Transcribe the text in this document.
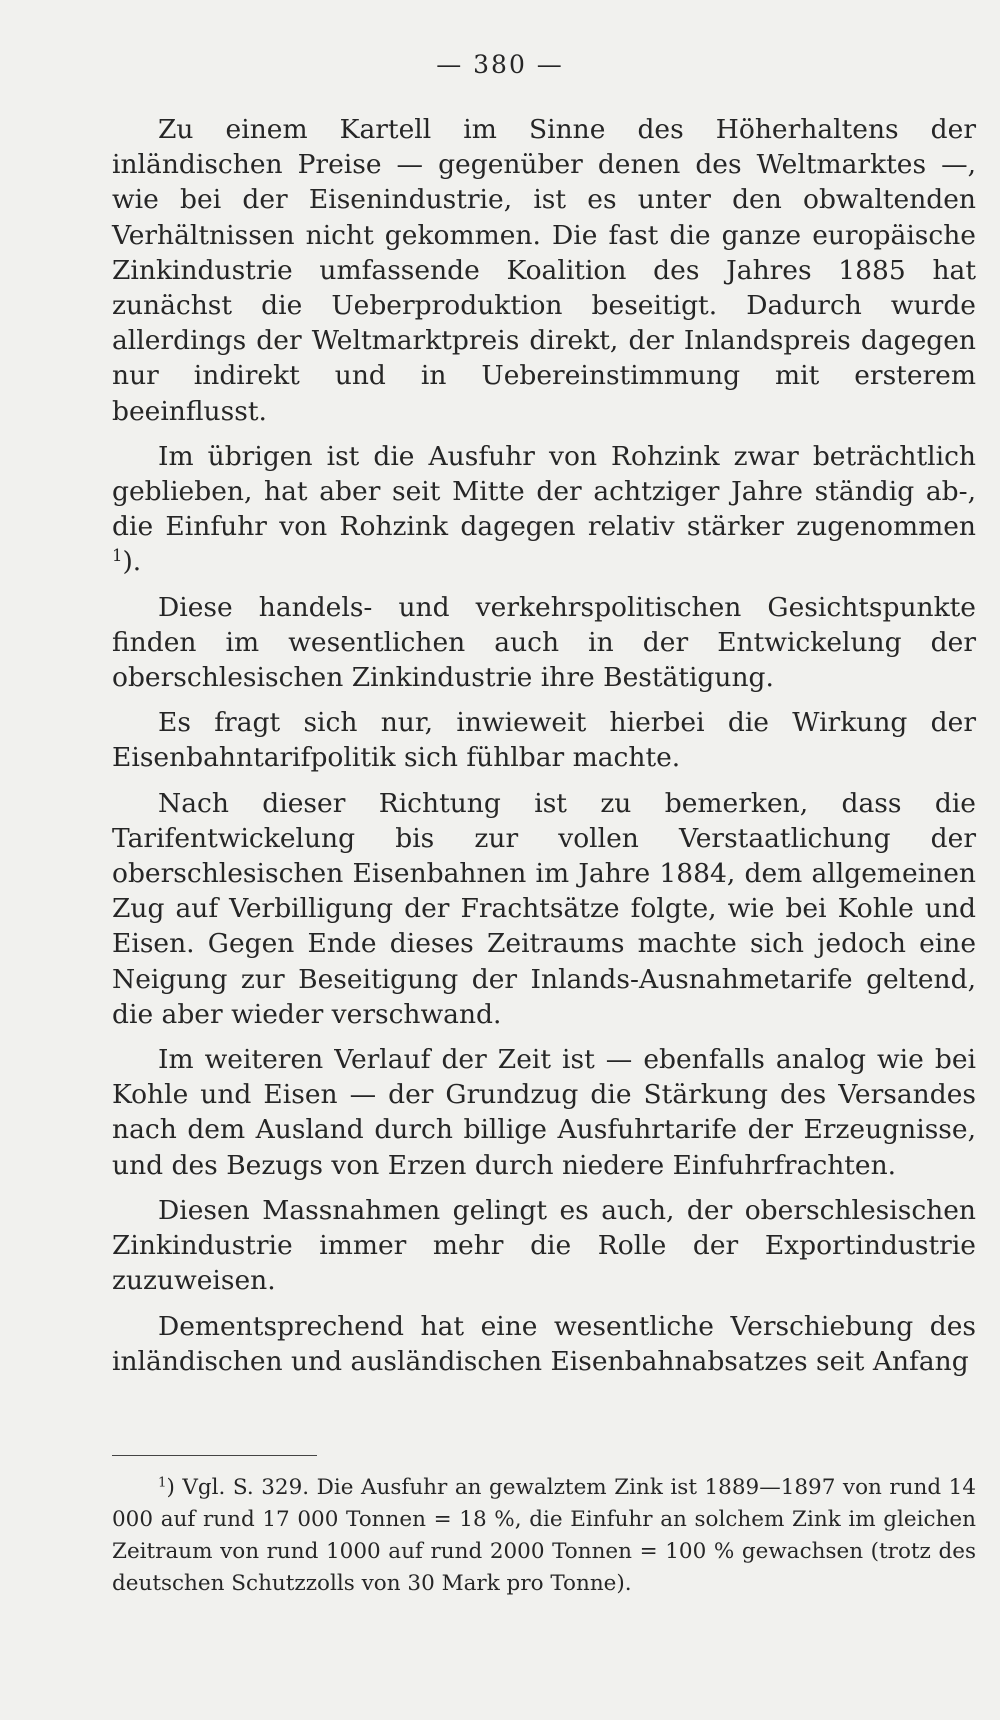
— 380 —

Zu einem Kartell im Sinne des Höherhaltens der inländischen Preise — gegenüber denen des Weltmarktes —, wie bei der Eisenindustrie, ist es unter den obwaltenden Verhältnissen nicht gekommen. Die fast die ganze europäische Zinkindustrie umfassende Koalition des Jahres 1885 hat zunächst die Ueberproduktion beseitigt. Dadurch wurde allerdings der Weltmarktpreis direkt, der Inlandspreis dagegen nur indirekt und in Uebereinstimmung mit ersterem beeinflusst.

Im übrigen ist die Ausfuhr von Rohzink zwar beträchtlich geblieben, hat aber seit Mitte der achtziger Jahre ständig ab-, die Einfuhr von Rohzink dagegen relativ stärker zugenommen $^1$).

Diese handels- und verkehrspolitischen Gesichtspunkte finden im wesentlichen auch in der Entwickelung der oberschlesischen Zinkindustrie ihre Bestätigung.

Es fragt sich nur, inwieweit hierbei die Wirkung der Eisenbahntarifpolitik sich fühlbar machte.

Nach dieser Richtung ist zu bemerken, dass die Tarifentwickelung bis zur vollen Verstaatlichung der oberschlesischen Eisenbahnen im Jahre 1884, dem allgemeinen Zug auf Verbilligung der Frachtsätze folgte, wie bei Kohle und Eisen. Gegen Ende dieses Zeitraums machte sich jedoch eine Neigung zur Beseitigung der Inlands-Ausnahmetarife geltend, die aber wieder verschwand.

Im weiteren Verlauf der Zeit ist — ebenfalls analog wie bei Kohle und Eisen — der Grundzug die Stärkung des Versandes nach dem Ausland durch billige Ausfuhrtarife der Erzeugnisse, und des Bezugs von Erzen durch niedere Einfuhrfrachten.

Diesen Massnahmen gelingt es auch, der oberschlesischen Zinkindustrie immer mehr die Rolle der Exportindustrie zuzuweisen.

Dementsprechend hat eine wesentliche Verschiebung des inländischen und ausländischen Eisenbahnabsatzes seit Anfang

$^1$) Vgl. S. 329. Die Ausfuhr an gewalztem Zink ist 1889—1897 von rund 14 000 auf rund 17 000 Tonnen = 18 %, die Einfuhr an solchem Zink im gleichen Zeitraum von rund 1000 auf rund 2000 Tonnen = 100 % gewachsen (trotz des deutschen Schutzzolls von 30 Mark pro Tonne).
